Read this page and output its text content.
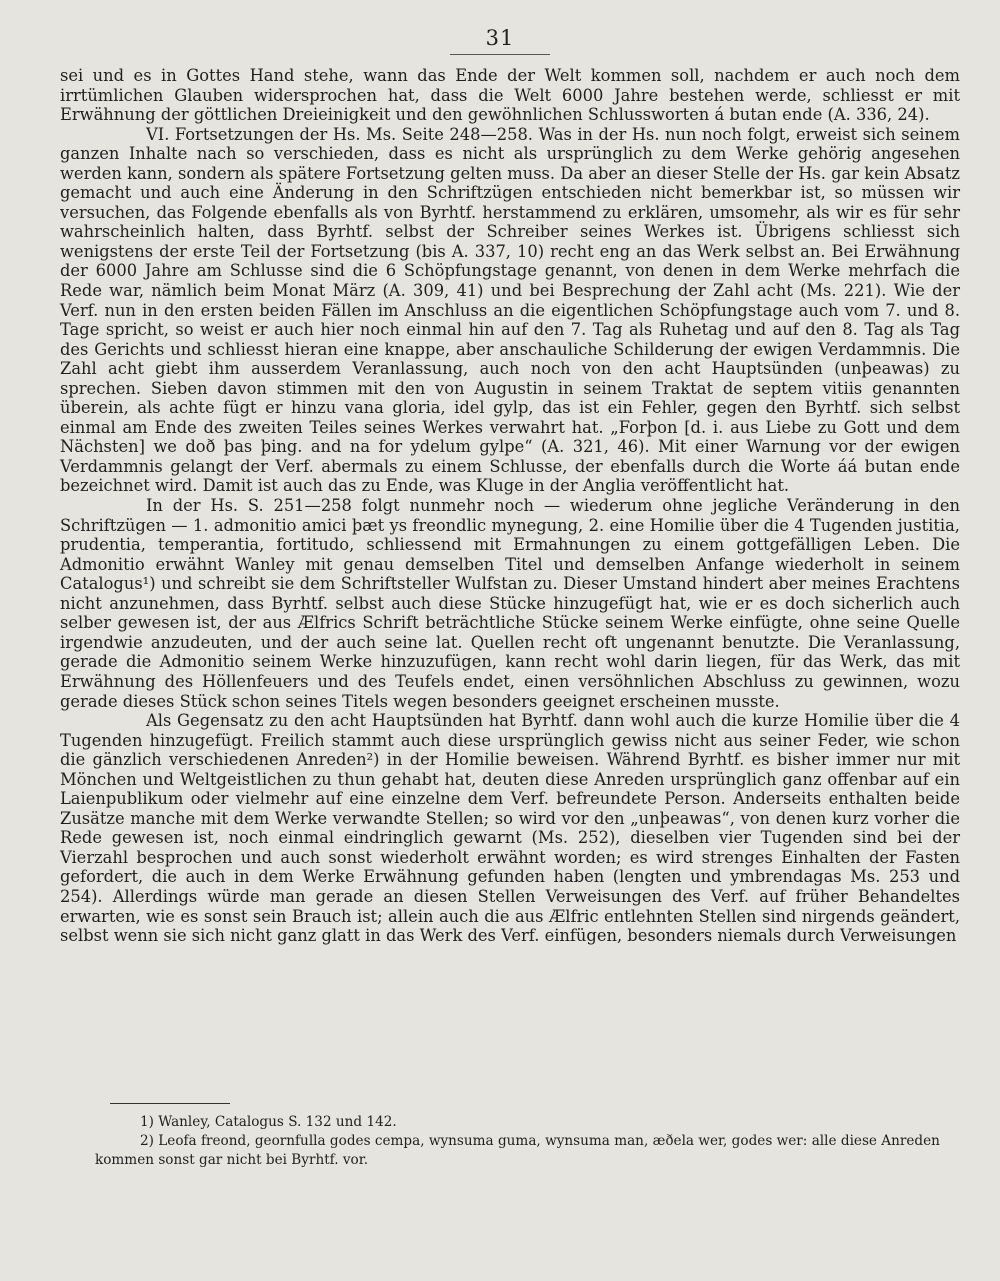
31

sei und es in Gottes Hand stehe, wann das Ende der Welt kommen soll, nachdem er auch noch dem irrtümlichen Glauben widersprochen hat, dass die Welt 6000 Jahre bestehen werde, schliesst er mit Erwähnung der göttlichen Dreieinigkeit und den gewöhnlichen Schlussworten á butan ende (A. 336, 24).

VI. Fortsetzungen der Hs. Ms. Seite 248—258. Was in der Hs. nun noch folgt, erweist sich seinem ganzen Inhalte nach so verschieden, dass es nicht als ursprünglich zu dem Werke gehörig angesehen werden kann, sondern als spätere Fortsetzung gelten muss. Da aber an dieser Stelle der Hs. gar kein Absatz gemacht und auch eine Änderung in den Schriftzügen entschieden nicht bemerkbar ist, so müssen wir versuchen, das Folgende ebenfalls als von Byrhtf. herstammend zu erklären, umsomehr, als wir es für sehr wahrscheinlich halten, dass Byrhtf. selbst der Schreiber seines Werkes ist. Übrigens schliesst sich wenigstens der erste Teil der Fortsetzung (bis A. 337, 10) recht eng an das Werk selbst an. Bei Erwähnung der 6000 Jahre am Schlusse sind die 6 Schöpfungstage genannt, von denen in dem Werke mehrfach die Rede war, nämlich beim Monat März (A. 309, 41) und bei Besprechung der Zahl acht (Ms. 221). Wie der Verf. nun in den ersten beiden Fällen im Anschluss an die eigentlichen Schöpfungstage auch vom 7. und 8. Tage spricht, so weist er auch hier noch einmal hin auf den 7. Tag als Ruhetag und auf den 8. Tag als Tag des Gerichts und schliesst hieran eine knappe, aber anschauliche Schilderung der ewigen Verdammnis. Die Zahl acht giebt ihm ausserdem Veranlassung, auch noch von den acht Hauptsünden (unþeawas) zu sprechen. Sieben davon stimmen mit den von Augustin in seinem Traktat de septem vitiis genannten überein, als achte fügt er hinzu vana gloria, idel gylp, das ist ein Fehler, gegen den Byrhtf. sich selbst einmal am Ende des zweiten Teiles seines Werkes verwahrt hat. „Forþon [d. i. aus Liebe zu Gott und dem Nächsten] we doð þas þing. and na for ydelum gylpe“ (A. 321, 46). Mit einer Warnung vor der ewigen Verdammnis gelangt der Verf. abermals zu einem Schlusse, der ebenfalls durch die Worte áá butan ende bezeichnet wird. Damit ist auch das zu Ende, was Kluge in der Anglia veröffentlicht hat.

In der Hs. S. 251—258 folgt nunmehr noch — wiederum ohne jegliche Veränderung in den Schriftzügen — 1. admonitio amici þæt ys freondlic mynegung, 2. eine Homilie über die 4 Tugenden justitia, prudentia, temperantia, fortitudo, schliessend mit Ermahnungen zu einem gottgefälligen Leben. Die Admonitio erwähnt Wanley mit genau demselben Titel und demselben Anfange wiederholt in seinem Catalogus¹) und schreibt sie dem Schriftsteller Wulfstan zu. Dieser Umstand hindert aber meines Erachtens nicht anzunehmen, dass Byrhtf. selbst auch diese Stücke hinzugefügt hat, wie er es doch sicherlich auch selber gewesen ist, der aus Ælfrics Schrift beträchtliche Stücke seinem Werke einfügte, ohne seine Quelle irgendwie anzudeuten, und der auch seine lat. Quellen recht oft ungenannt benutzte. Die Veranlassung, gerade die Admonitio seinem Werke hinzuzufügen, kann recht wohl darin liegen, für das Werk, das mit Erwähnung des Höllenfeuers und des Teufels endet, einen versöhnlichen Abschluss zu gewinnen, wozu gerade dieses Stück schon seines Titels wegen besonders geeignet erscheinen musste.

Als Gegensatz zu den acht Hauptsünden hat Byrhtf. dann wohl auch die kurze Homilie über die 4 Tugenden hinzugefügt. Freilich stammt auch diese ursprünglich gewiss nicht aus seiner Feder, wie schon die gänzlich verschiedenen Anreden²) in der Homilie beweisen. Während Byrhtf. es bisher immer nur mit Mönchen und Weltgeistlichen zu thun gehabt hat, deuten diese Anreden ursprünglich ganz offenbar auf ein Laienpublikum oder vielmehr auf eine einzelne dem Verf. befreundete Person. Anderseits enthalten beide Zusätze manche mit dem Werke verwandte Stellen; so wird vor den „unþeawas“, von denen kurz vorher die Rede gewesen ist, noch einmal eindringlich gewarnt (Ms. 252), dieselben vier Tugenden sind bei der Vierzahl besprochen und auch sonst wiederholt erwähnt worden; es wird strenges Einhalten der Fasten gefordert, die auch in dem Werke Erwähnung gefunden haben (lengten und ymbrendagas Ms. 253 und 254). Allerdings würde man gerade an diesen Stellen Verweisungen des Verf. auf früher Behandeltes erwarten, wie es sonst sein Brauch ist; allein auch die aus Ælfric entlehnten Stellen sind nirgends geändert, selbst wenn sie sich nicht ganz glatt in das Werk des Verf. einfügen, besonders niemals durch Verweisungen

1) Wanley, Catalogus S. 132 und 142.

2) Leofa freond, geornfulla godes cempa, wynsuma guma, wynsuma man, æðela wer, godes wer: alle diese Anreden kommen sonst gar nicht bei Byrhtf. vor.
